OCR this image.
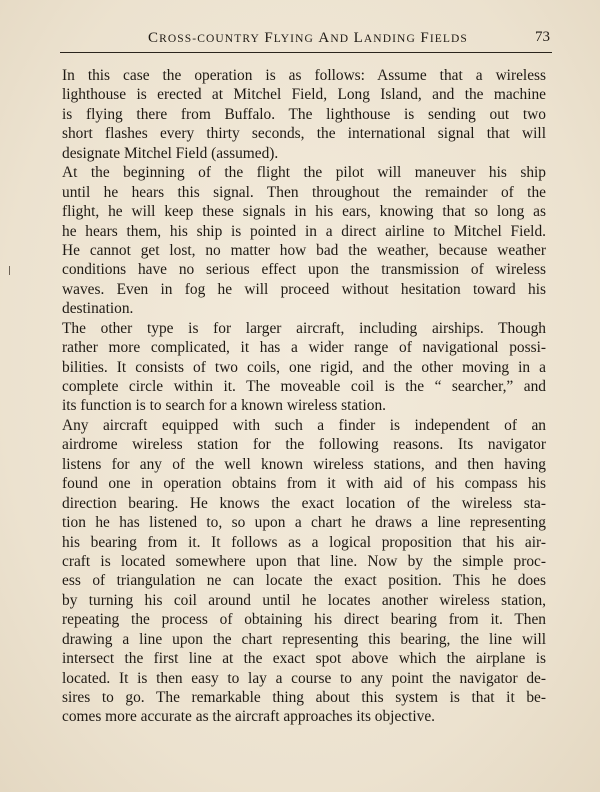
CROSS-COUNTRY FLYING AND LANDING FIELDS	73
In this case the operation is as follows: Assume that a wireless
lighthouse is erected at Mitchel Field, Long Island, and the machine
is flying there from Buffalo. The lighthouse is sending out two
short flashes every thirty seconds, the international signal that will
designate Mitchel Field (assumed).
At the beginning of the flight the pilot will maneuver his ship
until he hears this signal. Then throughout the remainder of the
flight, he will keep these signals in his ears, knowing that so long as
he hears them, his ship is pointed in a direct airline to Mitchel Field.
He cannot get lost, no matter how bad the weather, because weather
conditions have no serious effect upon the transmission of wireless
waves. Even in fog he will proceed without hesitation toward his
destination.
The other type is for larger aircraft, including airships. Though
rather more complicated, it has a wider range of navigational possi-
bilities. It consists of two coils, one rigid, and the other moving in a
complete circle within it. The moveable coil is the “ searcher,” and
its function is to search for a known wireless station.
Any aircraft equipped with such a finder is independent of an
airdrome wireless station for the following reasons. Its navigator
listens for any of the well known wireless stations, and then having
found one in operation obtains from it with aid of his compass his
direction bearing. He knows the exact location of the wireless sta-
tion he has listened to, so upon a chart he draws a line representing
his bearing from it. It follows as a logical proposition that his air-
craft is located somewhere upon that line. Now by the simple proc-
ess of triangulation ne can locate the exact position. This he does
by turning his coil around until he locates another wireless station,
repeating the process of obtaining his direct bearing from it. Then
drawing a line upon the chart representing this bearing, the line will
intersect the first line at the exact spot above which the airplane is
located. It is then easy to lay a course to any point the navigator de-
sires to go. The remarkable thing about this system is that it be-
comes more accurate as the aircraft approaches its objective.
